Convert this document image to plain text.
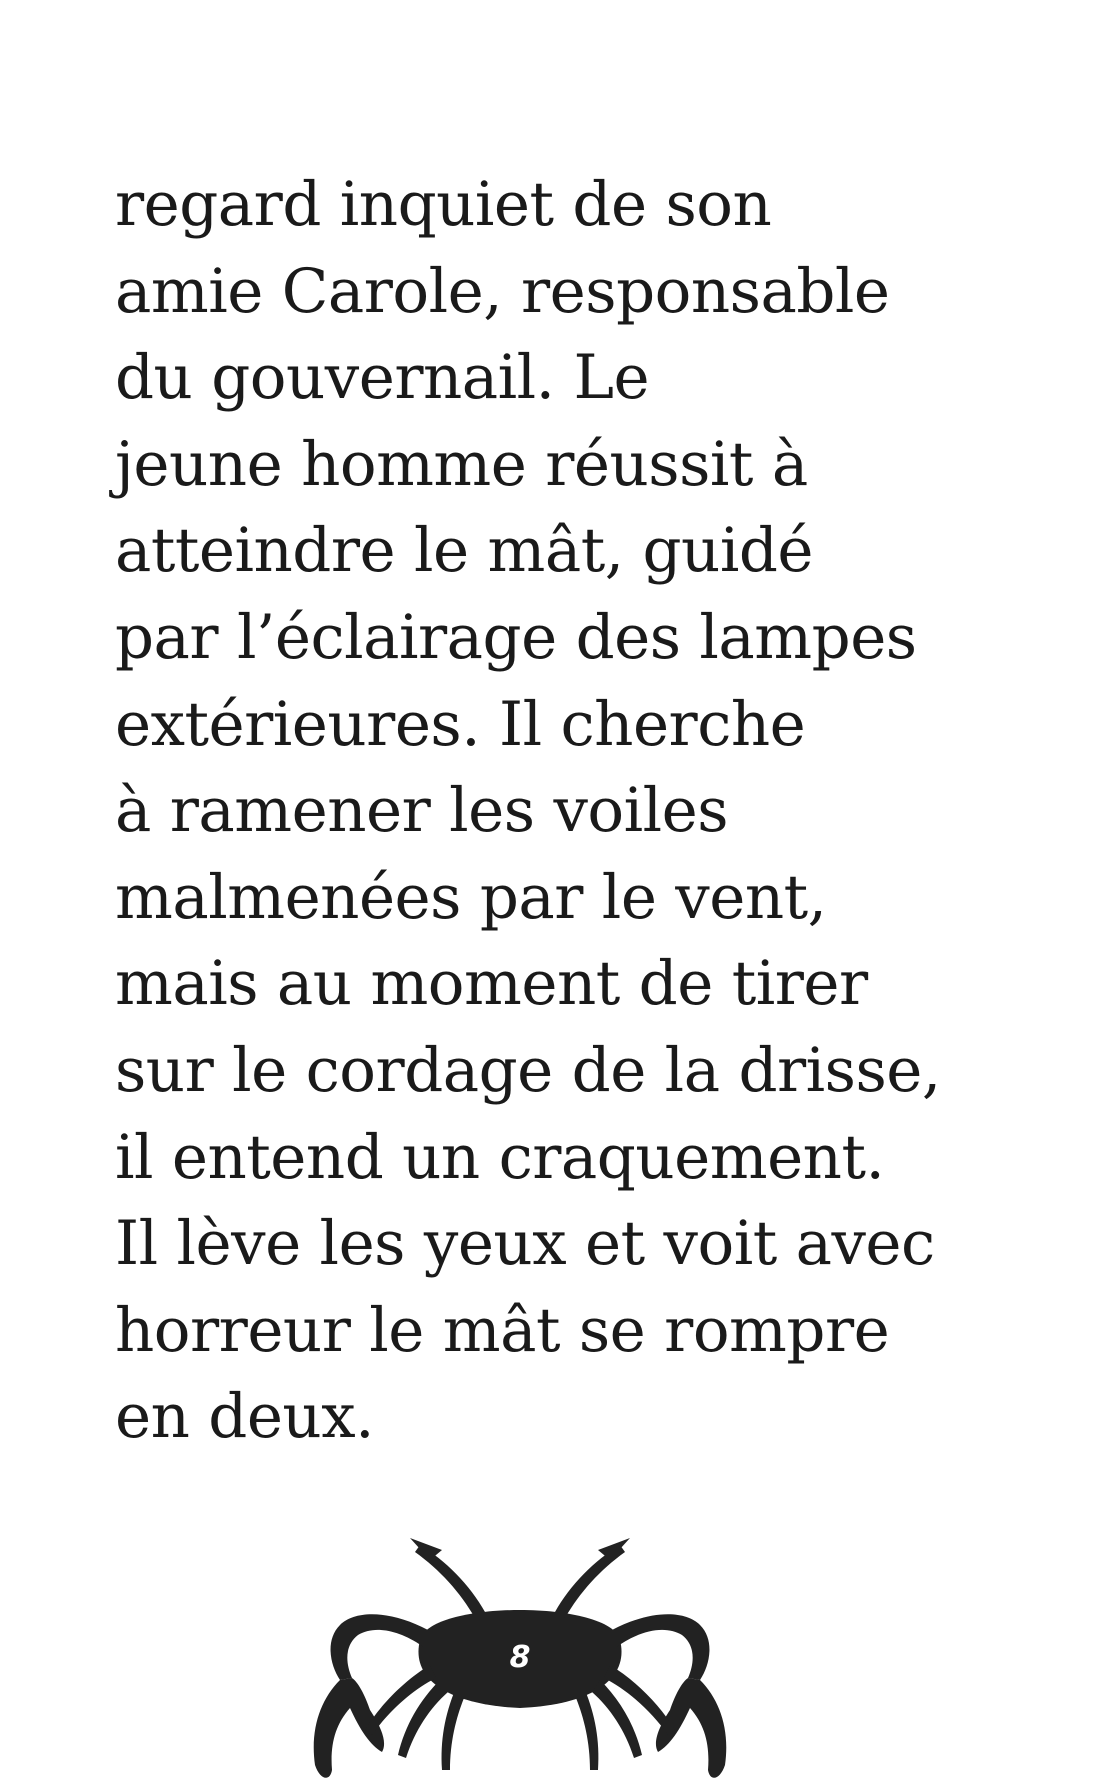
regard inquiet de son
amie Carole, responsable
du gouvernail. Le
jeune homme réussit à
atteindre le mât, guidé
par l’éclairage des lampes
extérieures. Il cherche
à ramener les voiles
malmenées par le vent,
mais au moment de tirer
sur le cordage de la drisse,
il entend un craquement.
Il lève les yeux et voit avec
horreur le mât se rompre
en deux.

8
